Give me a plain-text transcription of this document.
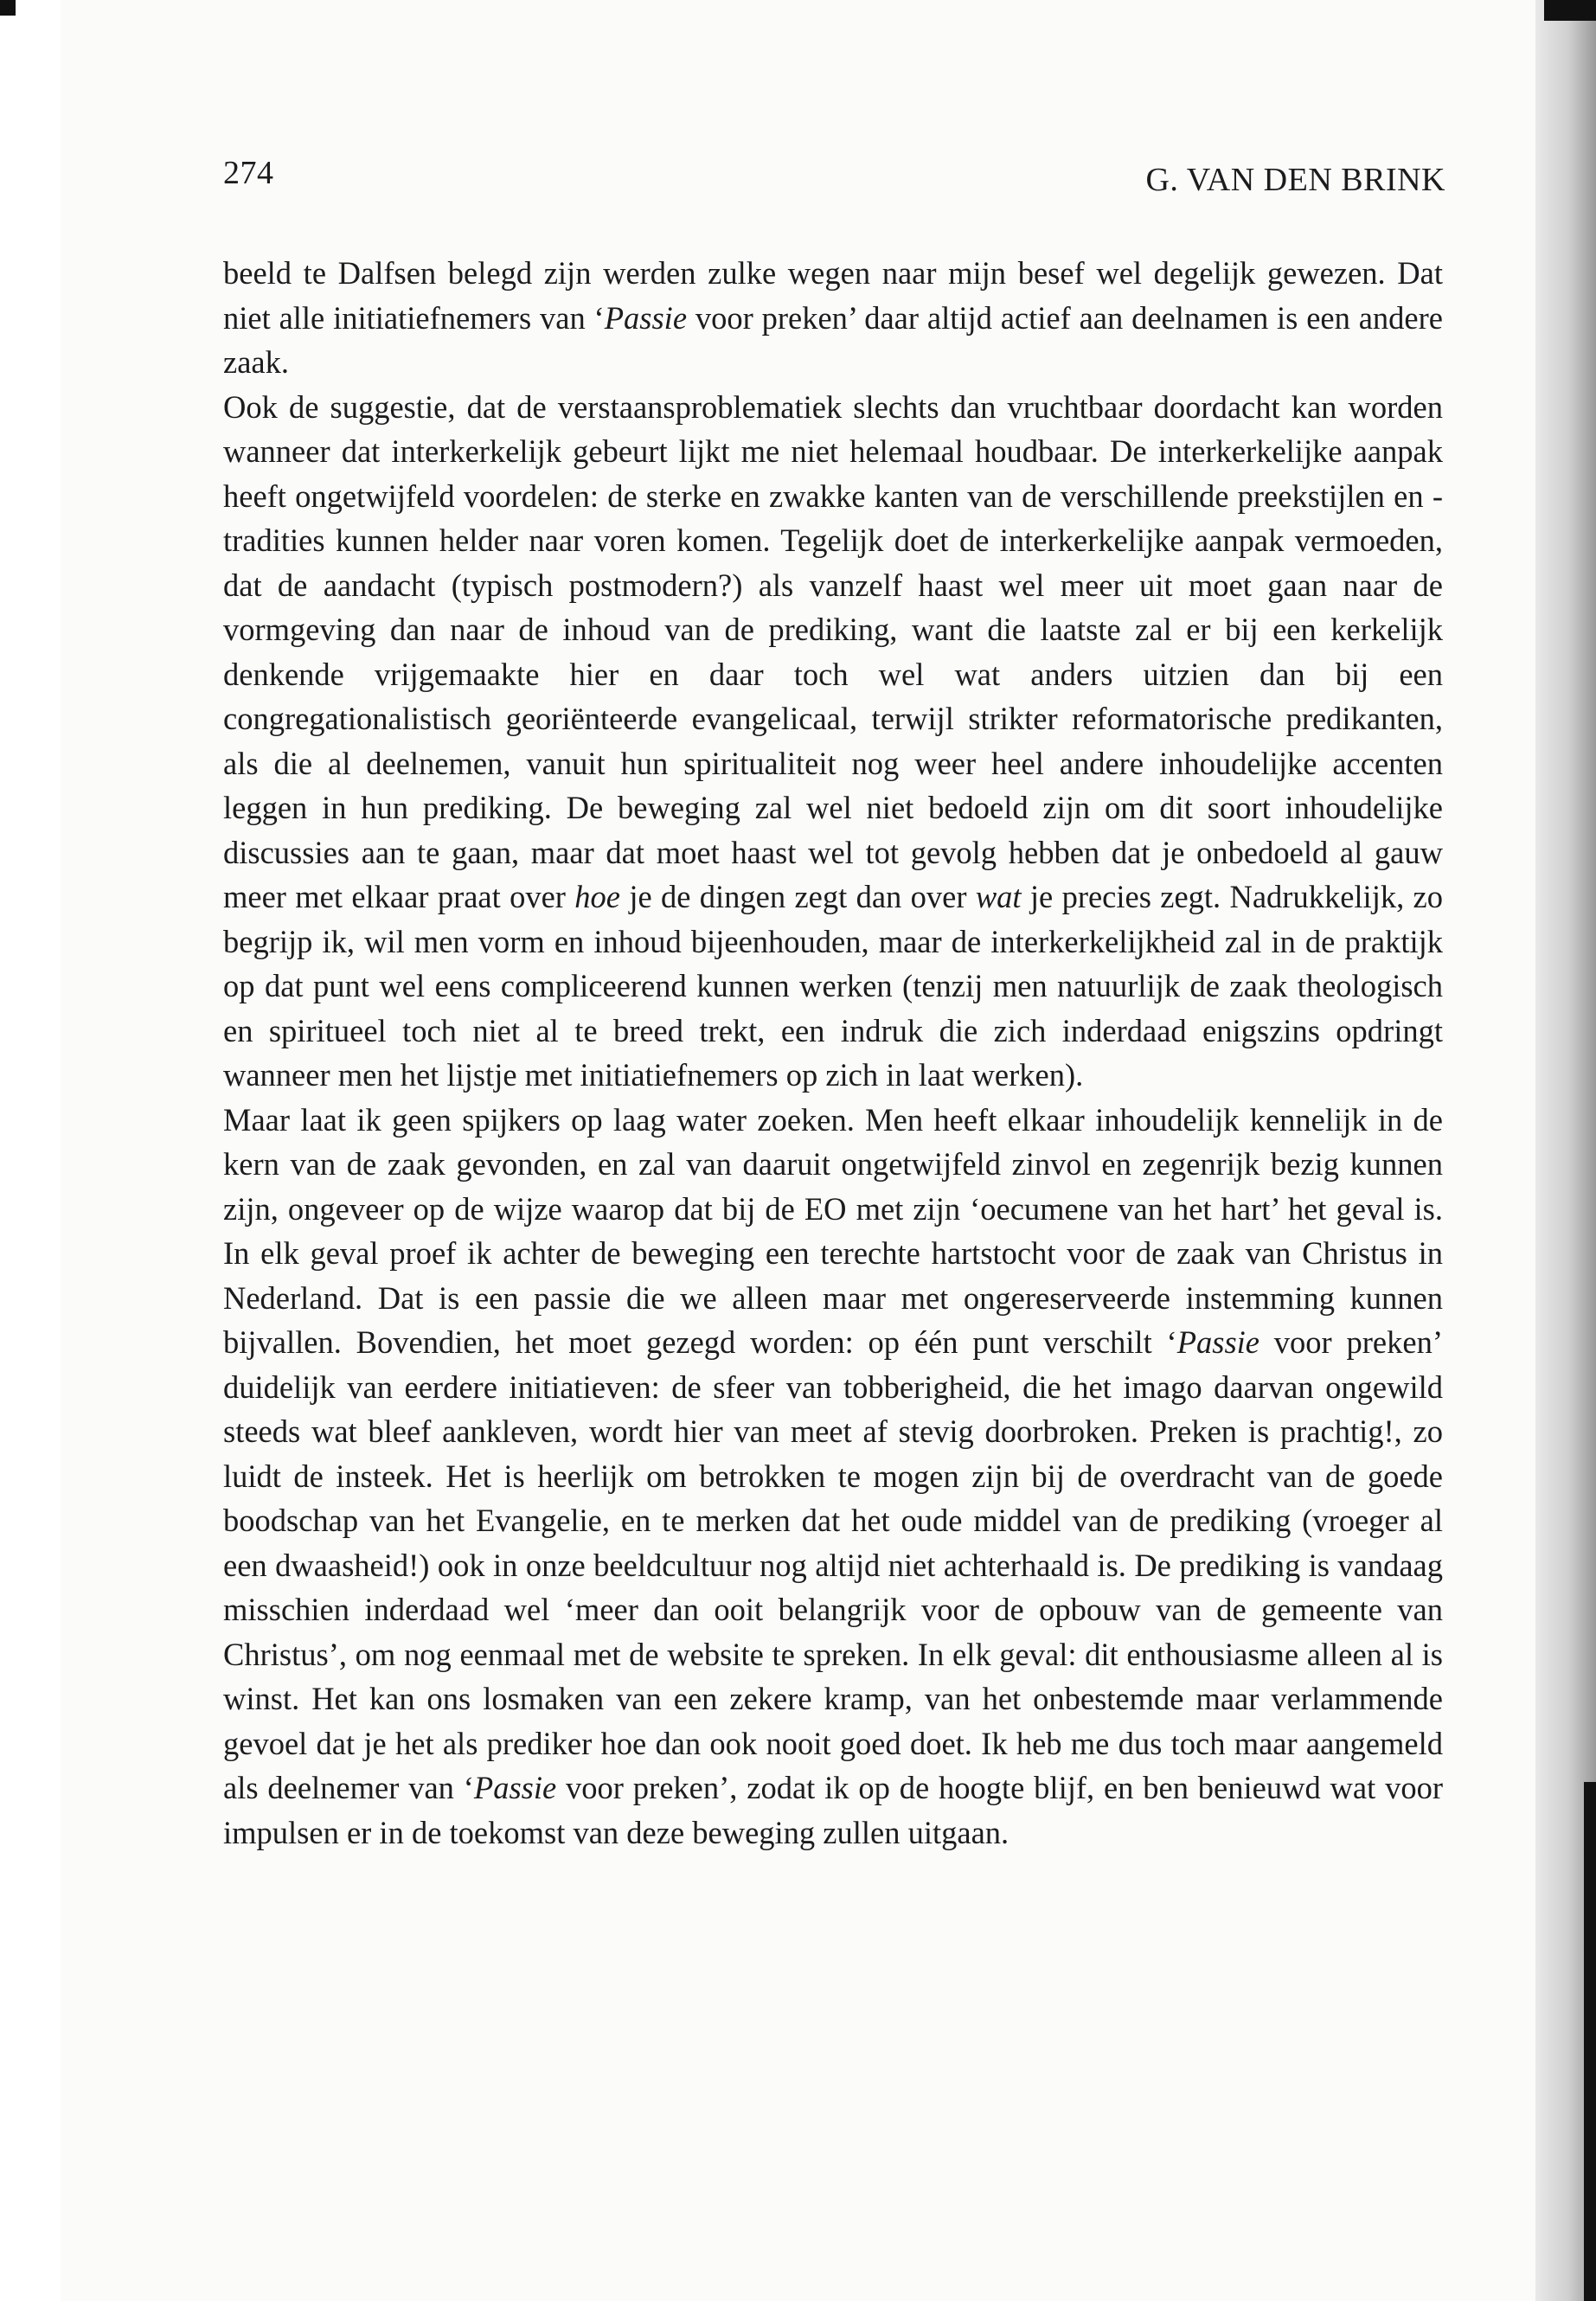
274	G. VAN DEN BRINK

beeld te Dalfsen belegd zijn werden zulke wegen naar mijn besef wel degelijk gewezen. Dat niet alle initiatiefnemers van ‘Passie voor preken’ daar altijd actief aan deelnamen is een andere zaak.

Ook de suggestie, dat de verstaansproblematiek slechts dan vruchtbaar doordacht kan worden wanneer dat interkerkelijk gebeurt lijkt me niet helemaal houdbaar. De interkerkelijke aanpak heeft ongetwijfeld voordelen: de sterke en zwakke kanten van de verschillende preekstijlen en -tradities kunnen helder naar voren komen. Tegelijk doet de interkerkelijke aanpak vermoeden, dat de aandacht (typisch postmodern?) als vanzelf haast wel meer uit moet gaan naar de vormgeving dan naar de inhoud van de prediking, want die laatste zal er bij een kerkelijk denkende vrijgemaakte hier en daar toch wel wat anders uitzien dan bij een congregationalistisch georiënteerde evangelicaal, terwijl strikter reformatorische predikanten, als die al deelnemen, vanuit hun spiritualiteit nog weer heel andere inhoudelijke accenten leggen in hun prediking. De beweging zal wel niet bedoeld zijn om dit soort inhoudelijke discussies aan te gaan, maar dat moet haast wel tot gevolg hebben dat je onbedoeld al gauw meer met elkaar praat over hoe je de dingen zegt dan over wat je precies zegt. Nadrukkelijk, zo begrijp ik, wil men vorm en inhoud bijeenhouden, maar de interkerkelijkheid zal in de praktijk op dat punt wel eens compliceerend kunnen werken (tenzij men natuurlijk de zaak theologisch en spiritueel toch niet al te breed trekt, een indruk die zich inderdaad enigszins opdringt wanneer men het lijstje met initiatiefnemers op zich in laat werken).

Maar laat ik geen spijkers op laag water zoeken. Men heeft elkaar inhoudelijk kennelijk in de kern van de zaak gevonden, en zal van daaruit ongetwijfeld zinvol en zegenrijk bezig kunnen zijn, ongeveer op de wijze waarop dat bij de EO met zijn ‘oecumene van het hart’ het geval is. In elk geval proef ik achter de beweging een terechte hartstocht voor de zaak van Christus in Nederland. Dat is een passie die we alleen maar met ongereserveerde instemming kunnen bijvallen. Bovendien, het moet gezegd worden: op één punt verschilt ‘Passie voor preken’ duidelijk van eerdere initiatieven: de sfeer van tobberigheid, die het imago daarvan ongewild steeds wat bleef aankleven, wordt hier van meet af stevig doorbroken. Preken is prachtig!, zo luidt de insteek. Het is heerlijk om betrokken te mogen zijn bij de overdracht van de goede boodschap van het Evangelie, en te merken dat het oude middel van de prediking (vroeger al een dwaasheid!) ook in onze beeldcultuur nog altijd niet achterhaald is. De prediking is vandaag misschien inderdaad wel ‘meer dan ooit belangrijk voor de opbouw van de gemeente van Christus’, om nog eenmaal met de website te spreken. In elk geval: dit enthousiasme alleen al is winst. Het kan ons losmaken van een zekere kramp, van het onbestemde maar verlammende gevoel dat je het als prediker hoe dan ook nooit goed doet. Ik heb me dus toch maar aangemeld als deelnemer van ‘Passie voor preken’, zodat ik op de hoogte blijf, en ben benieuwd wat voor impulsen er in de toekomst van deze beweging zullen uitgaan.
